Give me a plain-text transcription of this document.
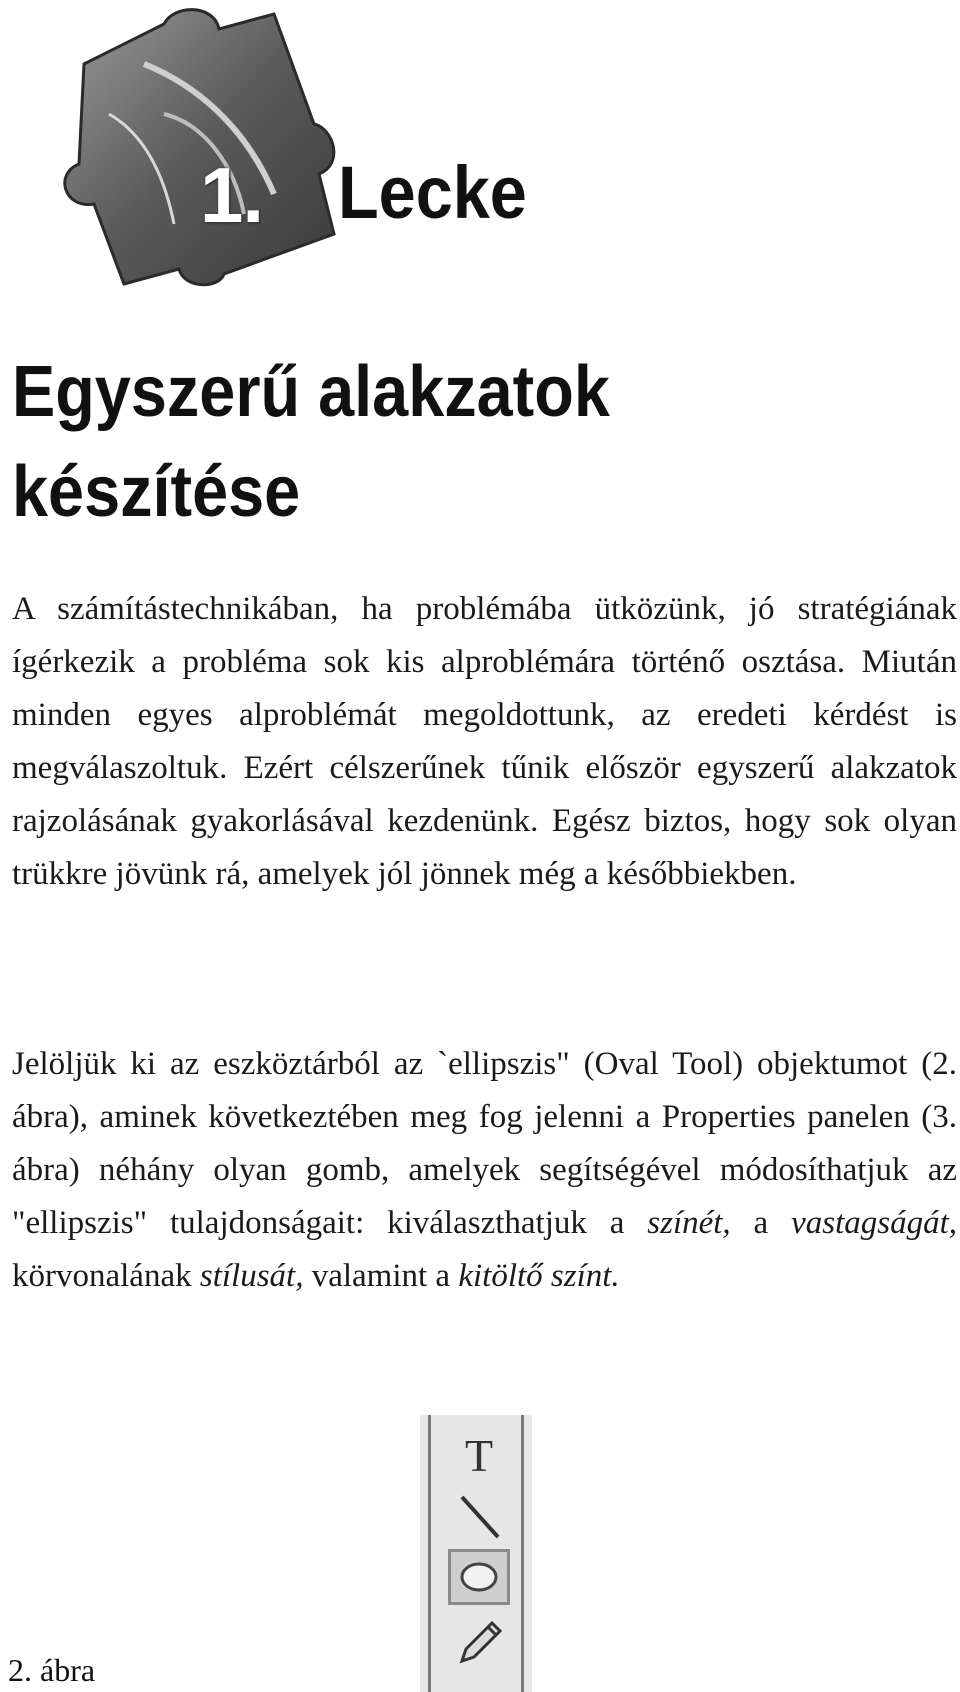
1. Lecke
Egyszerű alakzatok készítése

A számítástechnikában, ha problémába ütközünk, jó stratégiának ígérkezik a probléma sok kis alproblémára történő osztása. Miután minden egyes alproblémát megoldottunk, az eredeti kérdést is megválaszoltuk. Ezért célszerűnek tűnik először egyszerű alakzatok rajzolásának gyakorlásával kezdenünk. Egész biztos, hogy sok olyan trükkre jövünk rá, amelyek jól jönnek még a későbbiekben.

Jelöljük ki az eszköztárból az `ellipszis" (Oval Tool) objektumot (2. ábra), aminek következtében meg fog jelenni a Properties panelen (3. ábra) néhány olyan gomb, amelyek segítségével módosíthatjuk az "ellipszis" tulajdonságait: kiválaszthatjuk a színét, a vastagságát, körvonalának stílusát, valamint a kitöltő színt.

T

2. ábra
